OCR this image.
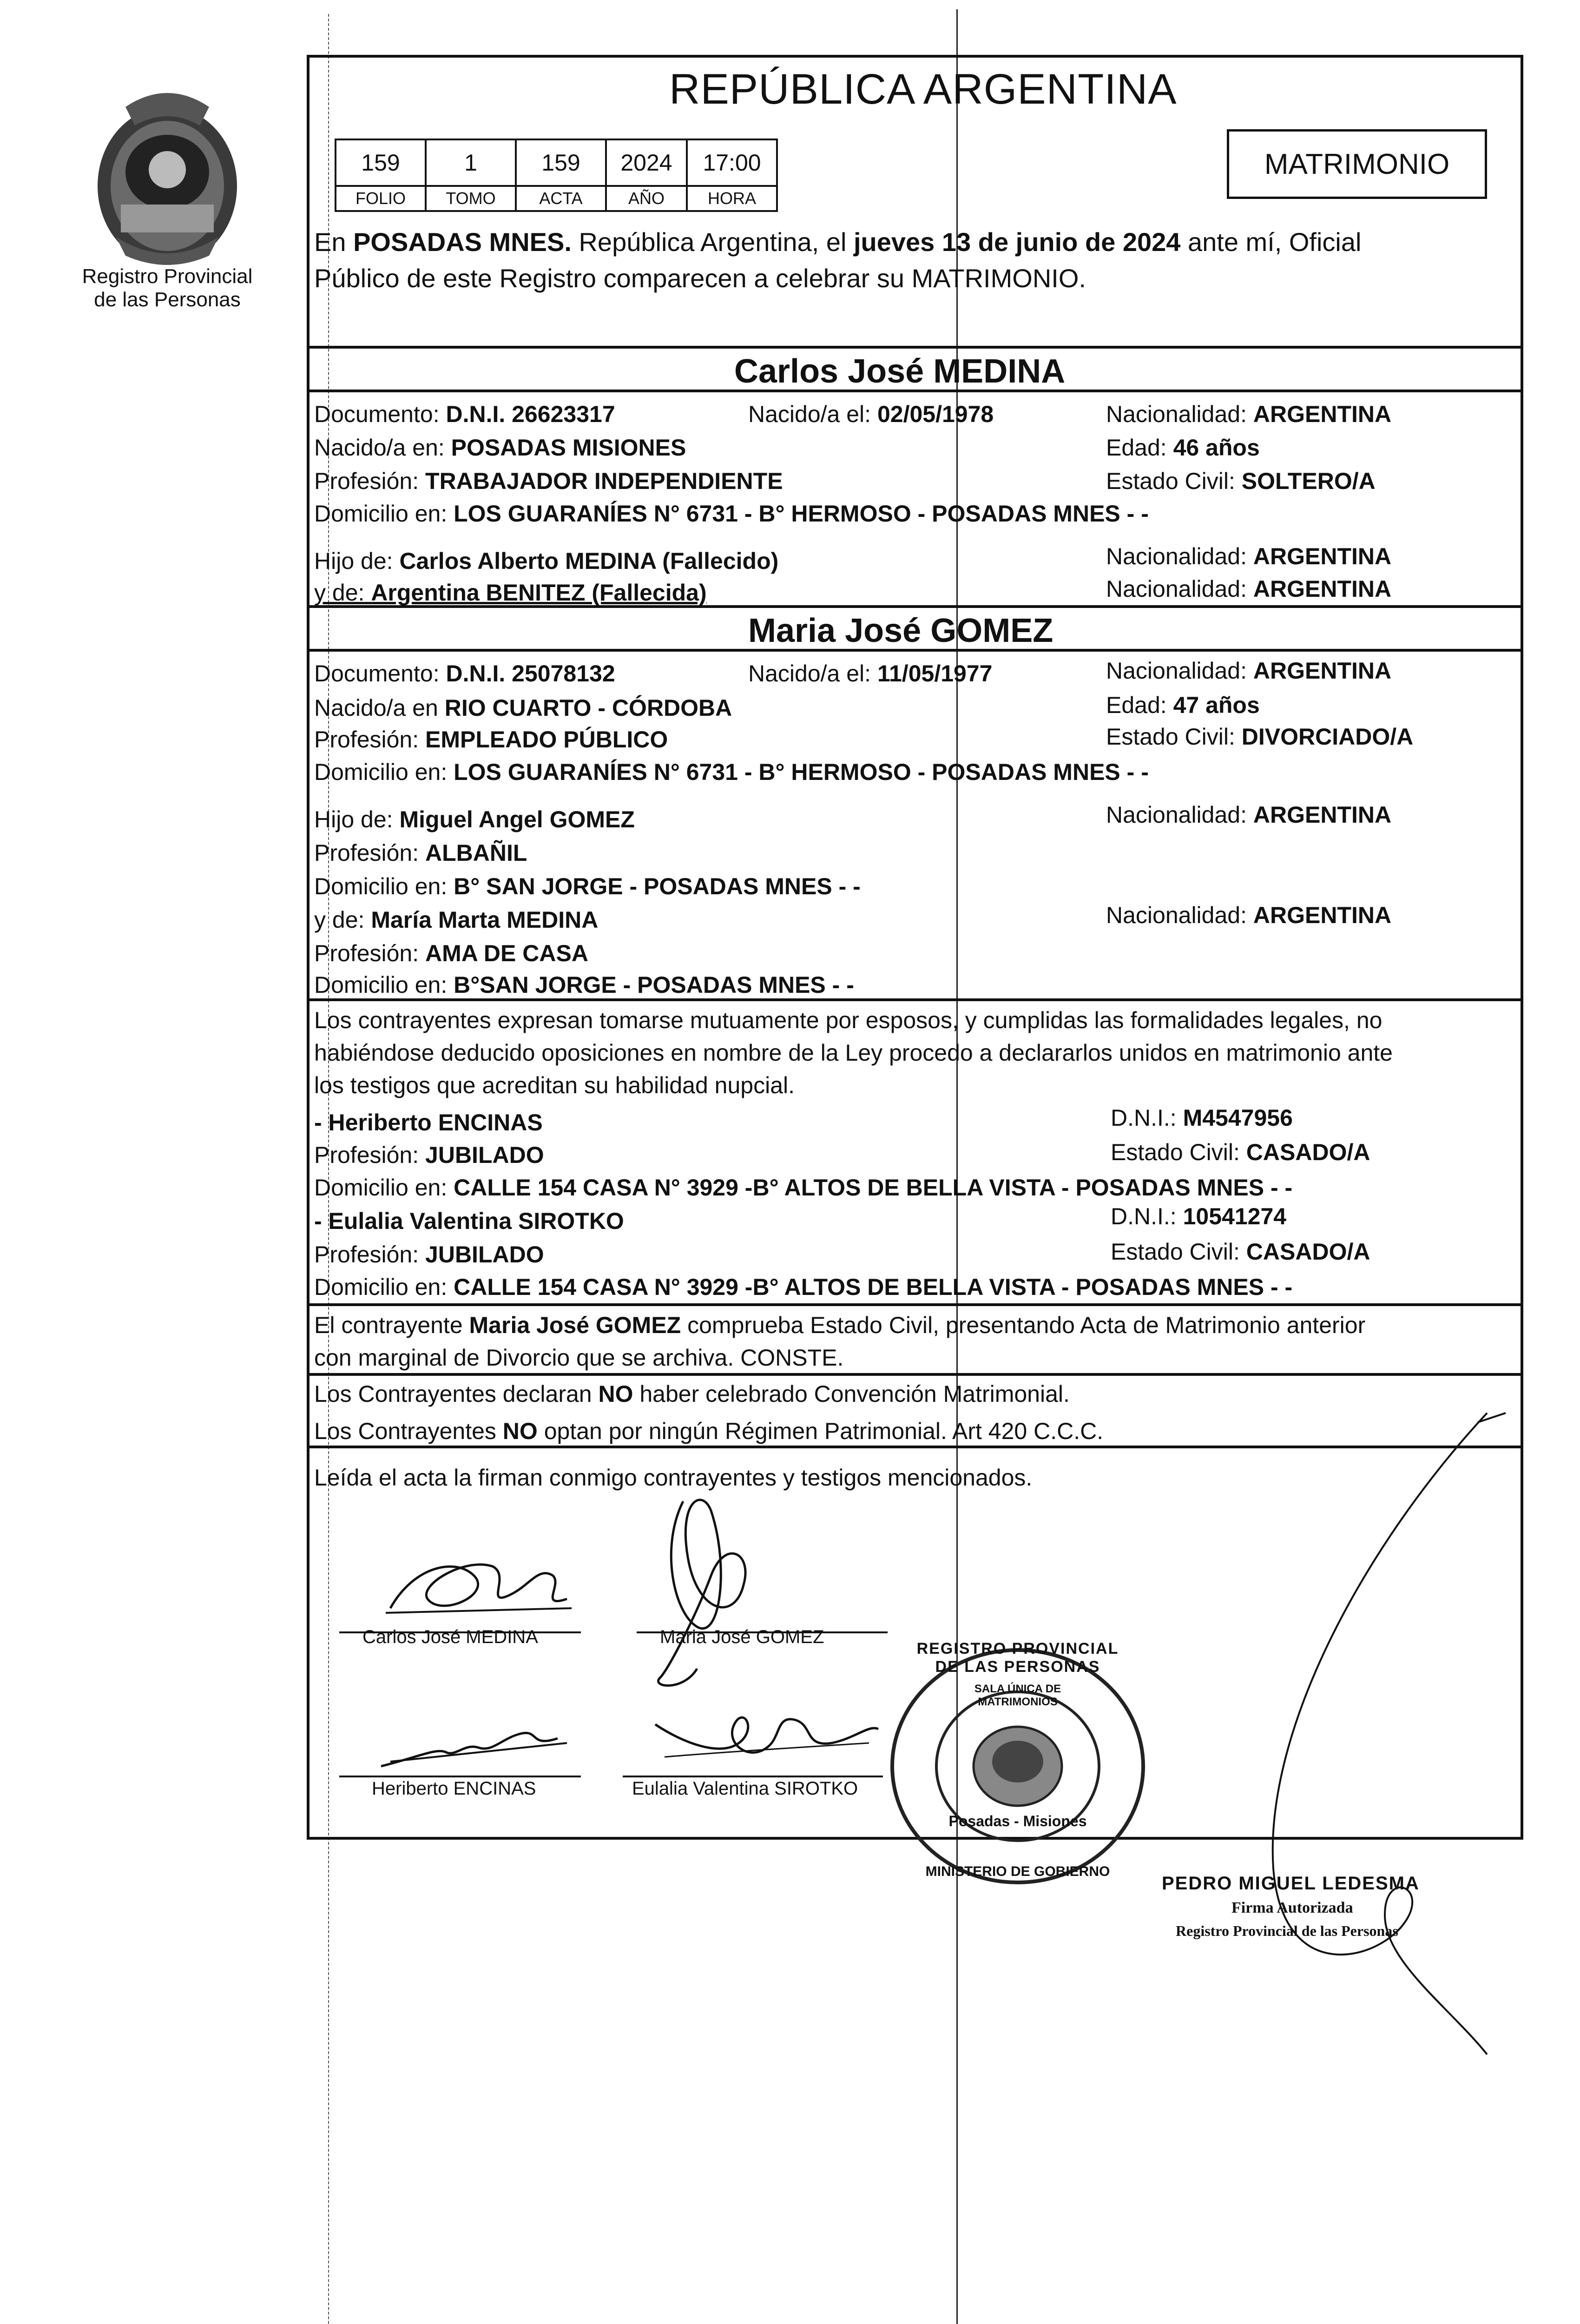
Registro Provincial
de las Personas
REPÚBLICA ARGENTINA
159	1	159	2024	17:00
FOLIO	TOMO	ACTA	AÑO	HORA
MATRIMONIO
En POSADAS MNES. República Argentina, el jueves 13 de junio de 2024 ante mí, Oficial
Público de este Registro comparecen a celebrar su MATRIMONIO.
Carlos José MEDINA
Documento: D.N.I. 26623317	Nacido/a el: 02/05/1978	Nacionalidad: ARGENTINA
Nacido/a en: POSADAS MISIONES	Edad: 46 años
Profesión: TRABAJADOR INDEPENDIENTE	Estado Civil: SOLTERO/A
Domicilio en: LOS GUARANÍES N° 6731 - B° HERMOSO - POSADAS MNES - -
Hijo de: Carlos Alberto MEDINA (Fallecido)	Nacionalidad: ARGENTINA
y de: Argentina BENITEZ (Fallecida)	Nacionalidad: ARGENTINA
Maria José GOMEZ
Documento: D.N.I. 25078132	Nacido/a el: 11/05/1977	Nacionalidad: ARGENTINA
Nacido/a en RIO CUARTO - CÓRDOBA	Edad: 47 años
Profesión: EMPLEADO PÚBLICO	Estado Civil: DIVORCIADO/A
Domicilio en: LOS GUARANÍES N° 6731 - B° HERMOSO - POSADAS MNES - -
Hijo de: Miguel Angel GOMEZ	Nacionalidad: ARGENTINA
Profesión: ALBAÑIL
Domicilio en: B° SAN JORGE - POSADAS MNES - -
y de: María Marta MEDINA	Nacionalidad: ARGENTINA
Profesión: AMA DE CASA
Domicilio en: B°SAN JORGE - POSADAS MNES - -
Los contrayentes expresan tomarse mutuamente por esposos, y cumplidas las formalidades legales, no
habiéndose deducido oposiciones en nombre de la Ley procedo a declararlos unidos en matrimonio ante
los testigos que acreditan su habilidad nupcial.
- Heriberto ENCINAS	D.N.I.: M4547956
Profesión: JUBILADO	Estado Civil: CASADO/A
Domicilio en: CALLE 154 CASA N° 3929 -B° ALTOS DE BELLA VISTA - POSADAS MNES - -
- Eulalia Valentina SIROTKO	D.N.I.: 10541274
Profesión: JUBILADO	Estado Civil: CASADO/A
Domicilio en: CALLE 154 CASA N° 3929 -B° ALTOS DE BELLA VISTA - POSADAS MNES - -
El contrayente Maria José GOMEZ comprueba Estado Civil, presentando Acta de Matrimonio anterior
con marginal de Divorcio que se archiva. CONSTE.
Los Contrayentes declaran NO haber celebrado Convención Matrimonial.
Los Contrayentes NO optan por ningún Régimen Patrimonial. Art 420 C.C.C.
Leída el acta la firman conmigo contrayentes y testigos mencionados.
Carlos José MEDINA	Maria José GOMEZ
Heriberto ENCINAS	Eulalia Valentina SIROTKO
REGISTRO PROVINCIAL DE LAS PERSONAS
SALA ÚNICA DE MATRIMONIOS
Posadas - Misiones
MINISTERIO DE GOBIERNO
PEDRO MIGUEL LEDESMA
Firma Autorizada
Registro Provincial de las Personas
